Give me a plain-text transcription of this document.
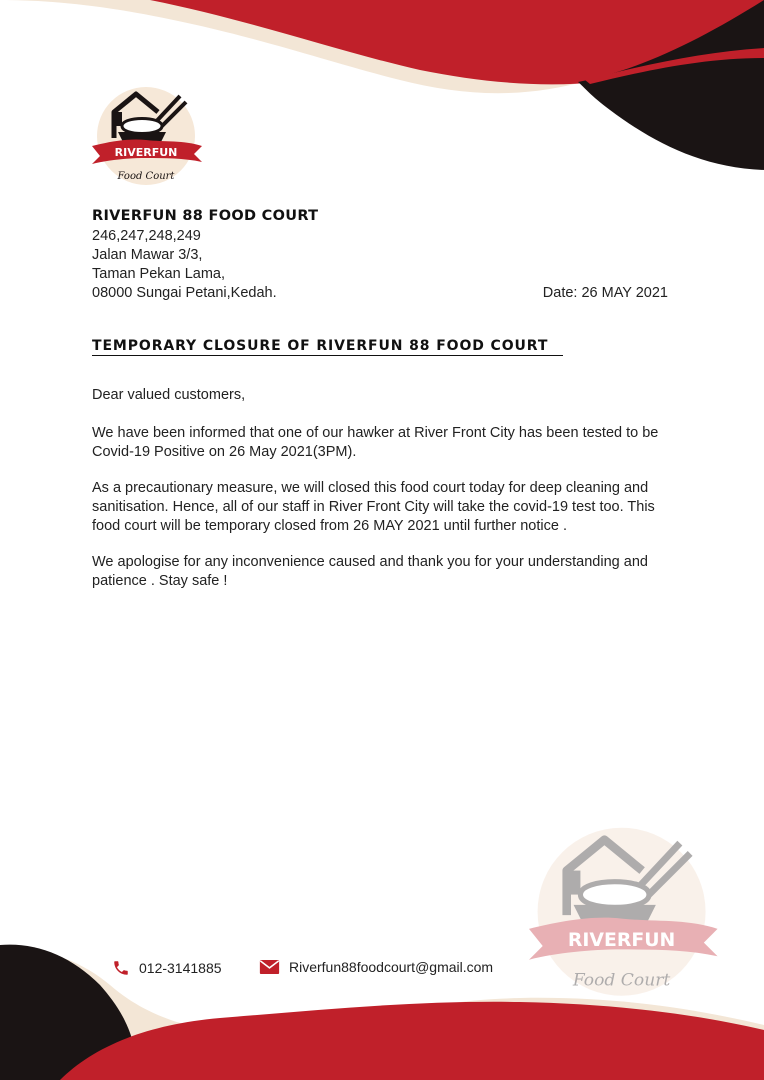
RIVERFUN
Food Court
RIVERFUN
Food Court
RIVERFUN 88 FOOD COURT
246,247,248,249
Jalan Mawar 3/3,
Taman Pekan Lama,
08000 Sungai Petani,Kedah.	Date: 26 MAY 2021
TEMPORARY CLOSURE OF RIVERFUN 88 FOOD COURT
Dear valued customers,
We have been informed that one of our hawker at River Front City has been tested to be Covid-19 Positive on 26 May 2021(3PM).
As a precautionary measure, we will closed this food court today for deep cleaning and sanitisation. Hence, all of our staff in River Front City will take the covid-19 test too. This food court will be temporary closed from 26 MAY 2021 until further notice .
We apologise for any inconvenience caused and thank you for your understanding and patience . Stay safe !
012-3141885	Riverfun88foodcourt@gmail.com
